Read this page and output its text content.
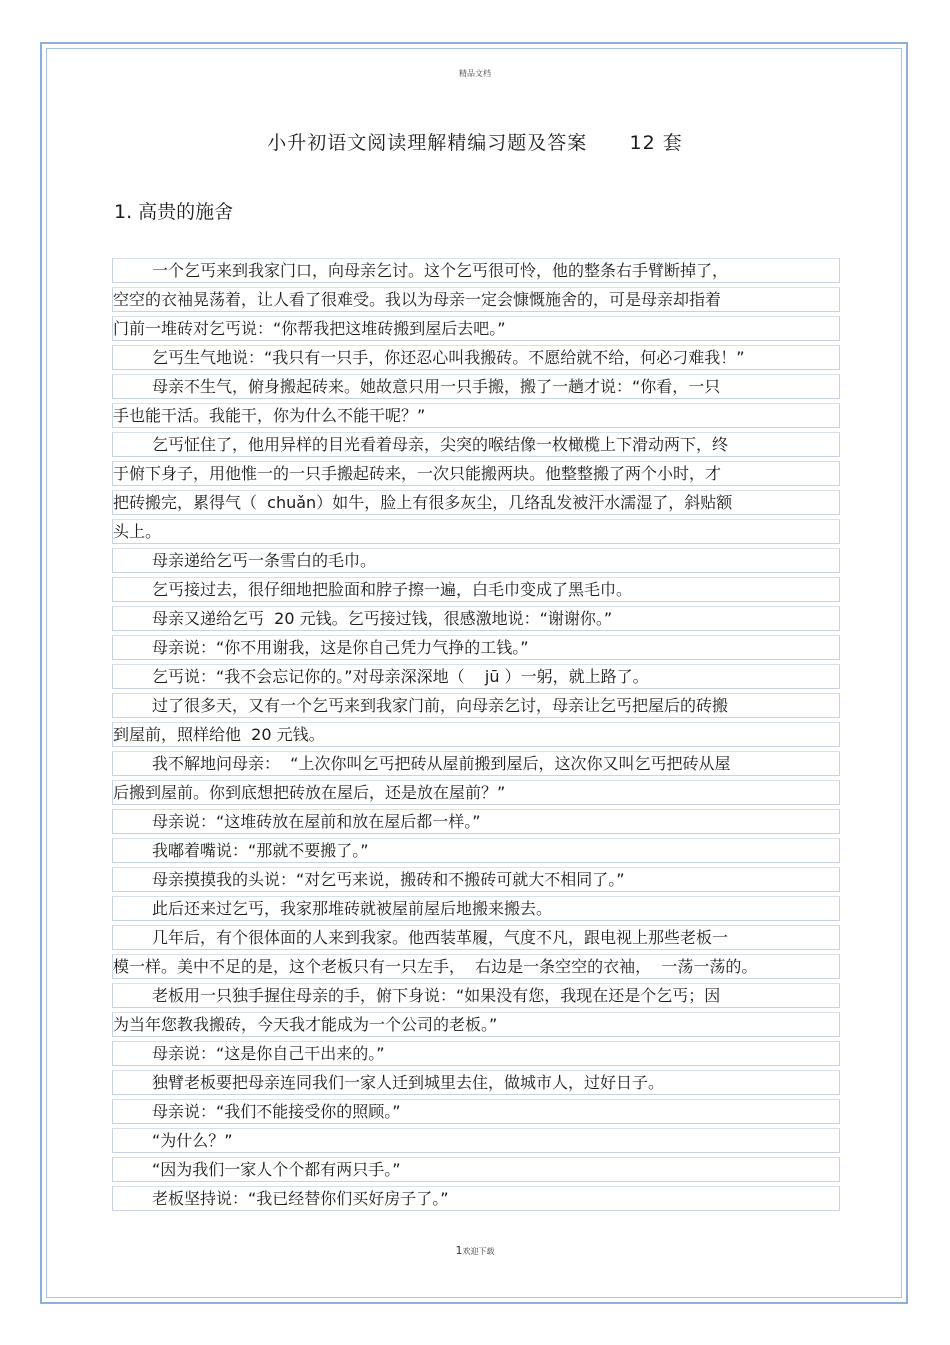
精品文档
小升初语文阅读理解精编习题及答案      12 套
1. 高贵的施舍
一个乞丐来到我家门口，向母亲乞讨。这个乞丐很可怜，他的整条右手臂断掉了，
空空的衣袖晃荡着，让人看了很难受。我以为母亲一定会慷慨施舍的，可是母亲却指着
门前一堆砖对乞丐说：“你帮我把这堆砖搬到屋后去吧。”
乞丐生气地说：“我只有一只手，你还忍心叫我搬砖。不愿给就不给，何必刁难我！”
母亲不生气，俯身搬起砖来。她故意只用一只手搬，搬了一趟才说：“你看，一只
手也能干活。我能干，你为什么不能干呢？”
乞丐怔住了，他用异样的目光看着母亲，尖突的喉结像一枚橄榄上下滑动两下，终
于俯下身子，用他惟一的一只手搬起砖来，一次只能搬两块。他整整搬了两个小时，才
把砖搬完，累得气（  chuǎn）如牛，脸上有很多灰尘，几络乱发被汗水濡湿了，斜贴额
头上。
母亲递给乞丐一条雪白的毛巾。
乞丐接过去，很仔细地把脸面和脖子擦一遍，白毛巾变成了黑毛巾。
母亲又递给乞丐  20 元钱。乞丐接过钱，很感激地说：“谢谢你。”
母亲说：“你不用谢我，这是你自己凭力气挣的工钱。”
乞丐说：“我不会忘记你的。”对母亲深深地（    jū ）一躬，就上路了。
过了很多天，又有一个乞丐来到我家门前，向母亲乞讨，母亲让乞丐把屋后的砖搬
到屋前，照样给他  20 元钱。
我不解地问母亲：  “上次你叫乞丐把砖从屋前搬到屋后，这次你又叫乞丐把砖从屋
后搬到屋前。你到底想把砖放在屋后，还是放在屋前？”
母亲说：“这堆砖放在屋前和放在屋后都一样。”
我嘟着嘴说：“那就不要搬了。”
母亲摸摸我的头说：“对乞丐来说，搬砖和不搬砖可就大不相同了。”
此后还来过乞丐，我家那堆砖就被屋前屋后地搬来搬去。
几年后，有个很体面的人来到我家。他西装革履，气度不凡，跟电视上那些老板一
模一样。美中不足的是，这个老板只有一只左手，  右边是一条空空的衣袖，  一荡一荡的。
老板用一只独手握住母亲的手，俯下身说：“如果没有您，我现在还是个乞丐；因
为当年您教我搬砖，今天我才能成为一个公司的老板。”
母亲说：“这是你自己干出来的。”
独臂老板要把母亲连同我们一家人迁到城里去住，做城市人，过好日子。
母亲说：“我们不能接受你的照顾。”
“为什么？”
“因为我们一家人个个都有两只手。”
老板坚持说：“我已经替你们买好房子了。”
1欢迎下载
